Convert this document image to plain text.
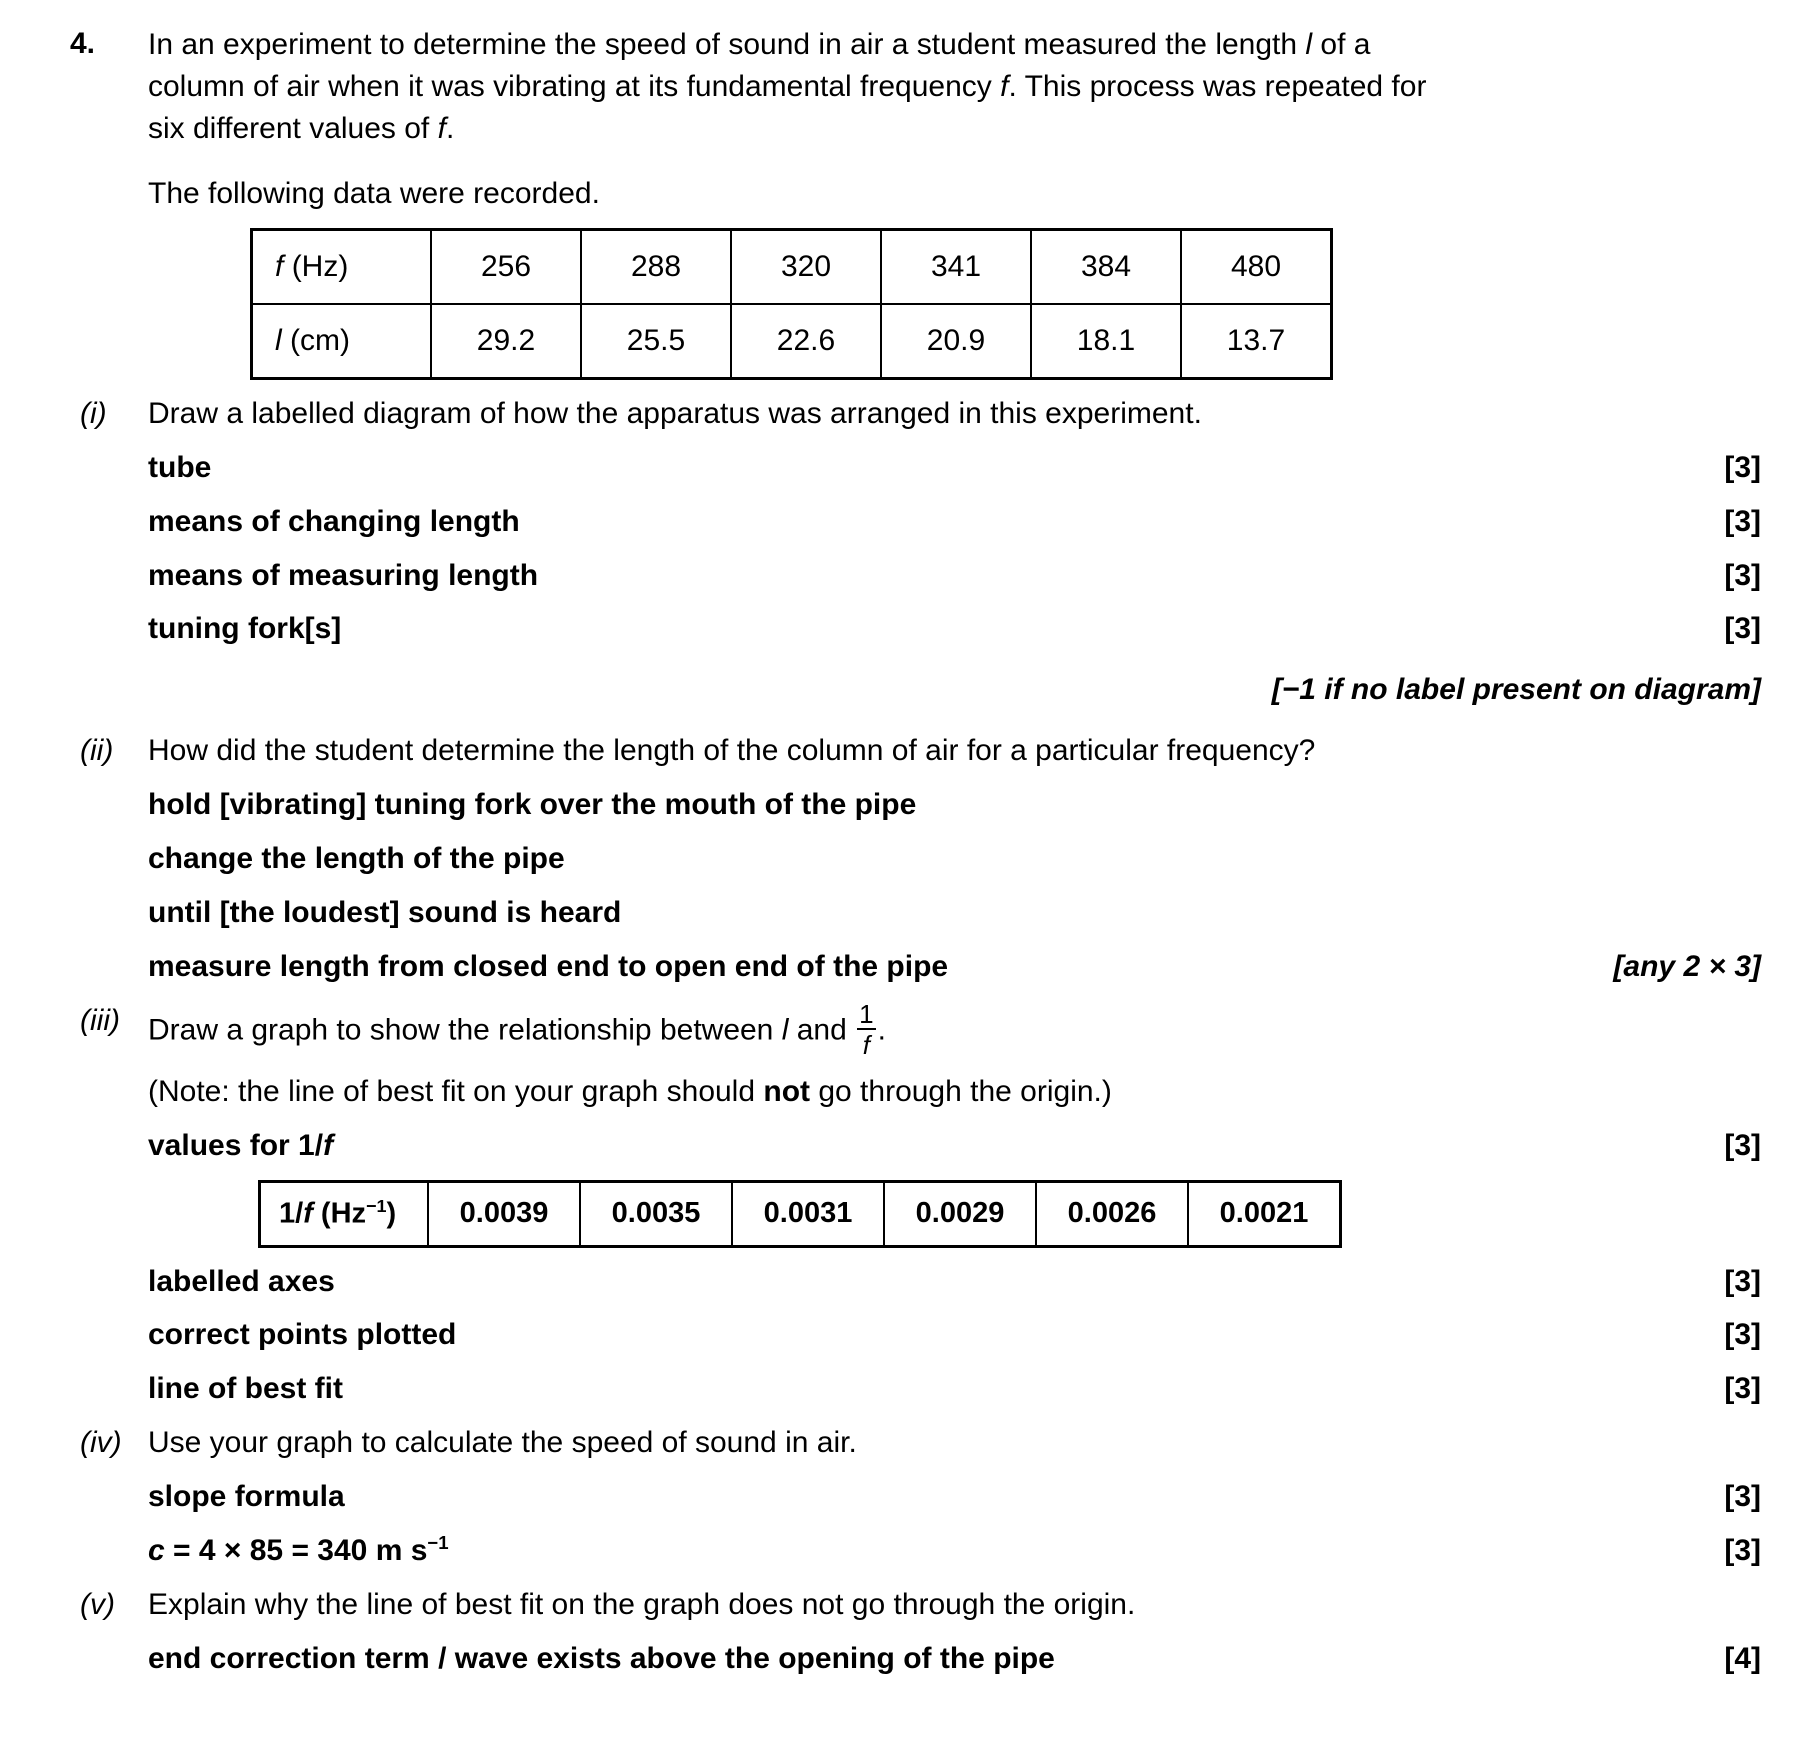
4.	In an experiment to determine the speed of sound in air a student measured the length l of a column of air when it was vibrating at its fundamental frequency f. This process was repeated for six different values of f.
The following data were recorded.
f (Hz)	256	288	320	341	384	480
l (cm)	29.2	25.5	22.6	20.9	18.1	13.7
(i)	Draw a labelled diagram of how the apparatus was arranged in this experiment.
tube	[3]
means of changing length	[3]
means of measuring length	[3]
tuning fork[s]	[3]
[−1 if no label present on diagram]
(ii)	How did the student determine the length of the column of air for a particular frequency?
hold [vibrating] tuning fork over the mouth of the pipe
change the length of the pipe
until [the loudest] sound is heard
measure length from closed end to open end of the pipe	[any 2 × 3]
(iii) Draw a graph to show the relationship between l and $\frac{1}{f}$ .
(Note: the line of best fit on your graph should not go through the origin.)
values for 1/f	[3]
1/f $(Hz^{-1})$	0.0039	0.0035	0.0031	0.0029	0.0026	0.0021
labelled axes	[3]
correct points plotted	[3]
line of best fit	[3]
(iv) Use your graph to calculate the speed of sound in air.
slope formula	[3]
c = 4 × 85 = 340 m $s^{-1}$	[3]
(v)	Explain why the line of best fit on the graph does not go through the origin.
end correction term / wave exists above the opening of the pipe	[4]
